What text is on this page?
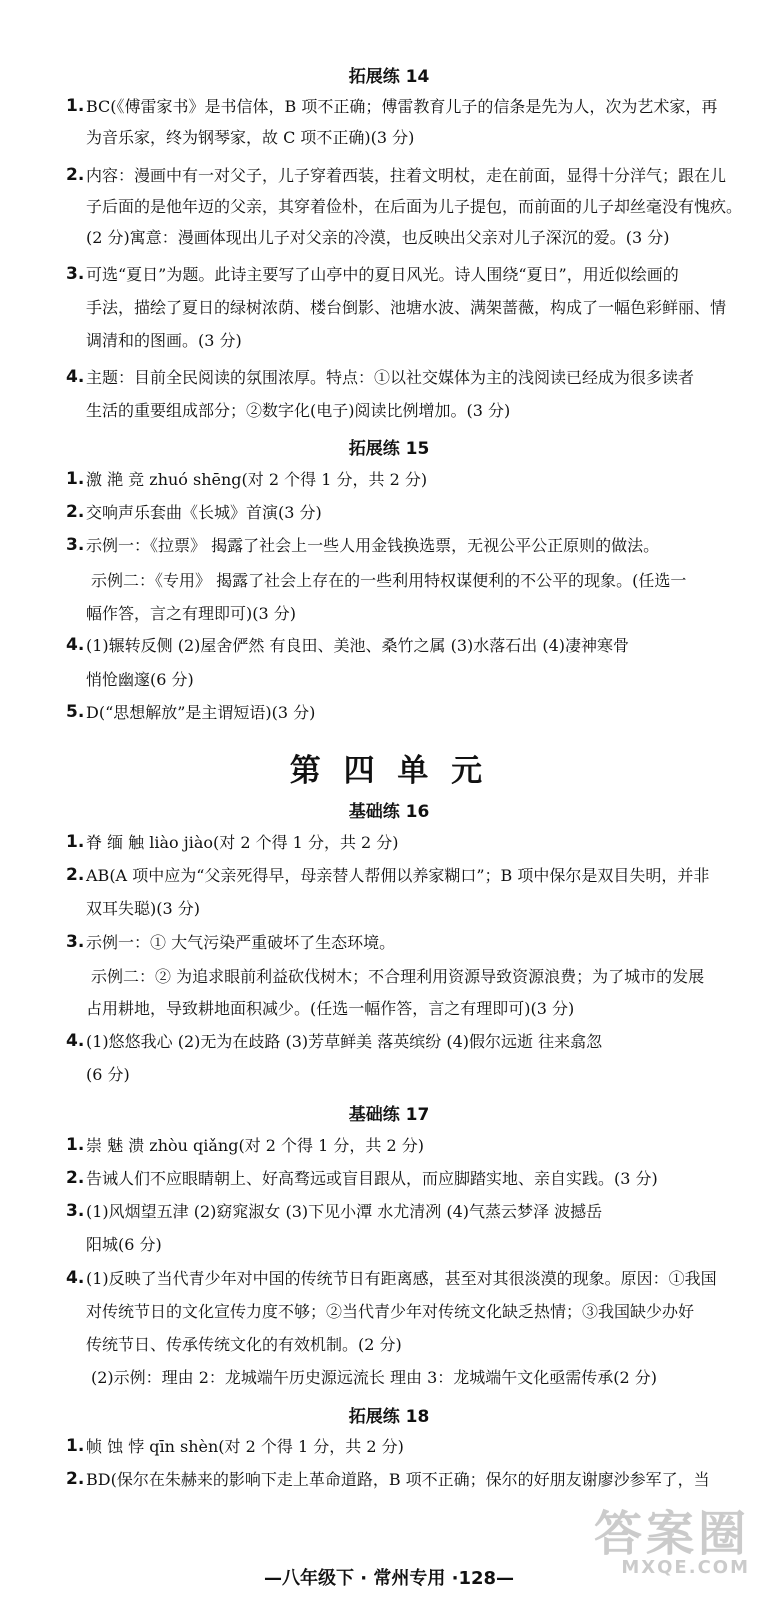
拓展练 14
1. BC(《傅雷家书》是书信体，B 项不正确；傅雷教育儿子的信条是先为人，次为艺术家，再
为音乐家，终为钢琴家，故 C 项不正确)(3 分)
2. 内容：漫画中有一对父子，儿子穿着西装，拄着文明杖，走在前面，显得十分洋气；跟在儿
子后面的是他年迈的父亲，其穿着俭朴，在后面为儿子提包，而前面的儿子却丝毫没有愧疚。
(2 分)寓意：漫画体现出儿子对父亲的冷漠，也反映出父亲对儿子深沉的爱。(3 分)
3. 可选“夏日”为题。此诗主要写了山亭中的夏日风光。诗人围绕“夏日”，用近似绘画的
手法，描绘了夏日的绿树浓荫、楼台倒影、池塘水波、满架蔷薇，构成了一幅色彩鲜丽、情
调清和的图画。(3 分)
4. 主题：目前全民阅读的氛围浓厚。特点：①以社交媒体为主的浅阅读已经成为很多读者
生活的重要组成部分；②数字化(电子)阅读比例增加。(3 分)
拓展练 15
1. 激 滟 竞 zhuó shēng(对 2 个得 1 分，共 2 分)
2. 交响声乐套曲《长城》首演(3 分)
3. 示例一：《拉票》 揭露了社会上一些人用金钱换选票，无视公平公正原则的做法。
示例二：《专用》 揭露了社会上存在的一些利用特权谋便利的不公平的现象。(任选一
幅作答，言之有理即可)(3 分)
4. (1)辗转反侧 (2)屋舍俨然 有良田、美池、桑竹之属 (3)水落石出 (4)凄神寒骨
悄怆幽邃(6 分)
5. D(“思想解放”是主谓短语)(3 分)
第 四 单 元
基础练 16
1. 脊 缅 触 liào jiào(对 2 个得 1 分，共 2 分)
2. AB(A 项中应为“父亲死得早，母亲替人帮佣以养家糊口”；B 项中保尔是双目失明，并非
双耳失聪)(3 分)
3. 示例一：① 大气污染严重破坏了生态环境。
示例二：② 为追求眼前利益砍伐树木；不合理利用资源导致资源浪费；为了城市的发展
占用耕地，导致耕地面积减少。(任选一幅作答，言之有理即可)(3 分)
4. (1)悠悠我心 (2)无为在歧路 (3)芳草鲜美 落英缤纷 (4)假尔远逝 往来翕忽
(6 分)
基础练 17
1. 崇 魅 溃 zhòu qiǎng(对 2 个得 1 分，共 2 分)
2. 告诫人们不应眼睛朝上、好高骛远或盲目跟从，而应脚踏实地、亲自实践。(3 分)
3. (1)风烟望五津 (2)窈窕淑女 (3)下见小潭 水尤清冽 (4)气蒸云梦泽 波撼岳
阳城(6 分)
4. (1)反映了当代青少年对中国的传统节日有距离感，甚至对其很淡漠的现象。原因：①我国
对传统节日的文化宣传力度不够；②当代青少年对传统文化缺乏热情；③我国缺少办好
传统节日、传承传统文化的有效机制。(2 分)
(2)示例：理由 2：龙城端午历史源远流长 理由 3：龙城端午文化亟需传承(2 分)
拓展练 18
1. 帧 蚀 悖 qīn shèn(对 2 个得 1 分，共 2 分)
2. BD(保尔在朱赫来的影响下走上革命道路，B 项不正确；保尔的好朋友谢廖沙参军了，当
—八年级下 · 常州专用 ·128—
答案圈
MXQE.COM
